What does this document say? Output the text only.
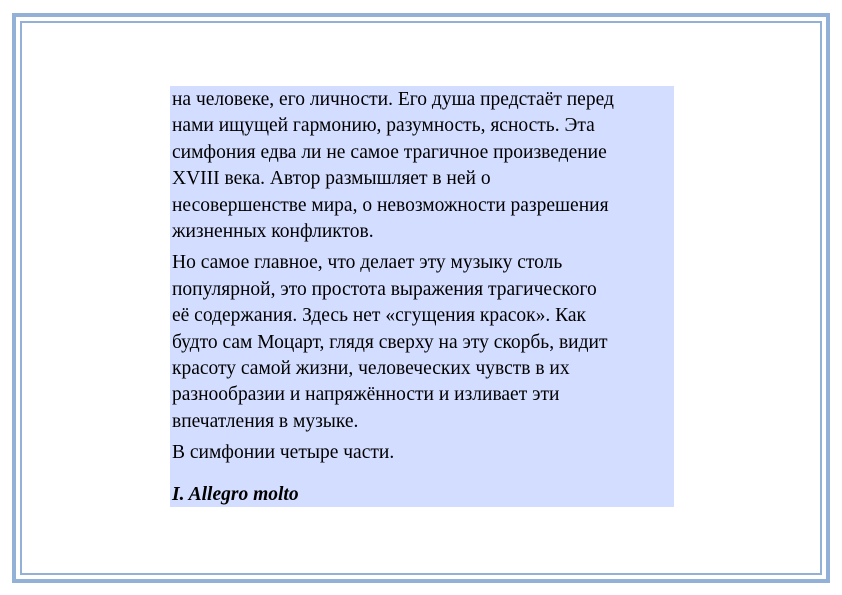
на человеке, его личности. Его душа предстаёт перед
нами ищущей гармонию, разумность, ясность. Эта
симфония едва ли не самое трагичное произведение
XVIII века. Автор размышляет в ней о
несовершенстве мира, о невозможности разрешения
жизненных конфликтов.

Но самое главное, что делает эту музыку столь
популярной, это простота выражения трагического
её содержания. Здесь нет «сгущения красок». Как
будто сам Моцарт, глядя сверху на эту скорбь, видит
красоту самой жизни, человеческих чувств в их
разнообразии и напряжённости и изливает эти
впечатления в музыке.

В симфонии четыре части.

I. Allegro molto
